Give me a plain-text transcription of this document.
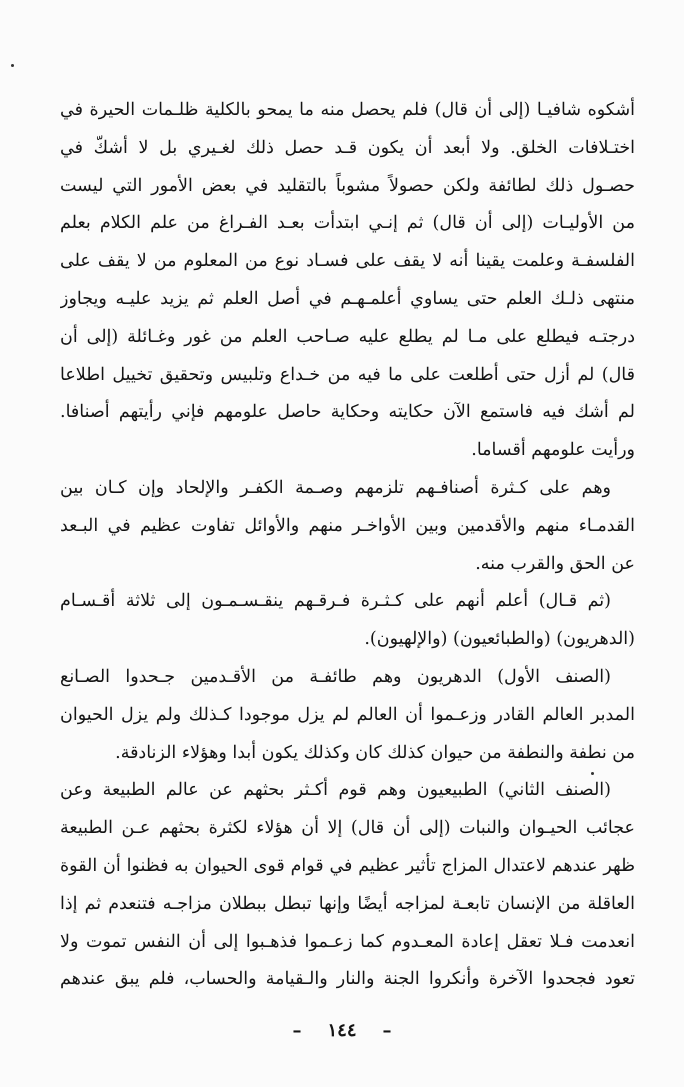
أشكوه شافيـا (إلى أن قال) فلم يحصل منه ما يمحو بالكلية ظلـمات الحيرة في
اختـلافات الخلق. ولا أبعد أن يكون قـد حصل ذلك لغـيري بل لا أشكّ في
حصـول ذلك لطائفة ولكن حصولاً مشوباً بالتقليد في بعض الأمور التي ليست
من الأوليـات (إلى أن قال) ثم إنـي ابتدأت بعـد الفـراغ من علم الكلام بعلم
الفلسفـة وعلمت يقينا أنه لا يقف على فسـاد نوع من المعلوم من لا يقف على
منتهى ذلـك العلم حتى يساوي أعلمـهـم في أصل العلم ثم يزيد عليـه ويجاوز
درجتـه فيطلع على مـا لم يطلع عليه صـاحب العلم من غور وغـائلة (إلى أن
قال) لم أزل حتى أطلعت على ما فيه من خـداع وتلبيس وتحقيق تخييل اطلاعا
لم أشك فيه فاستمع الآن حكايته وحكاية حاصل علومهم فإني رأيتهم أصنافا.
ورأيت علومهم أقساما.
وهم على كـثرة أصنافـهم تلزمهم وصـمة الكفـر والإلحاد وإن كـان بين
القدمـاء منهم والأقدمين وبين الأواخـر منهم والأوائل تفاوت عظيم في البـعد
عن الحق والقرب منه.
(ثم قـال) أعلم أنهم على كـثـرة فـرقـهم ينقـسـمـون إلى ثلاثة أقـسـام
(الدهريون) (والطبائعيون) (والإلهيون).
(الصنف الأول) الدهريون وهم طائفـة من الأقـدمين جـحدوا الصـانع
المدبر العالم القادر وزعـموا أن العالم لم يزل موجودا كـذلك ولم يزل الحيوان
من نطفة والنطفة من حيوان كذلك كان وكذلك يكون أبدا وهؤلاء الزنادقة.
(الصنف الثاني) الطبيعيون وهم قوم أكـثر بحثهم عن عالم الطبيعة وعن
عجائب الحيـوان والنبات (إلى أن قال) إلا أن هؤلاء لكثرة بحثهم عـن الطبيعة
ظهر عندهم لاعتدال المزاج تأثير عظيم في قوام قوى الحيوان به فظنوا أن القوة
العاقلة من الإنسان تابعـة لمزاجه أيضًا وإنها تبطل ببطلان مزاجـه فتنعدم ثم إذا
انعدمت فـلا تعقل إعادة المعـدوم كما زعـموا فذهـبوا إلى أن النفس تموت ولا
تعود فجحدوا الآخرة وأنكروا الجنة والنار والـقيامة والحساب، فلم يبق عندهم
–١٤٤–
